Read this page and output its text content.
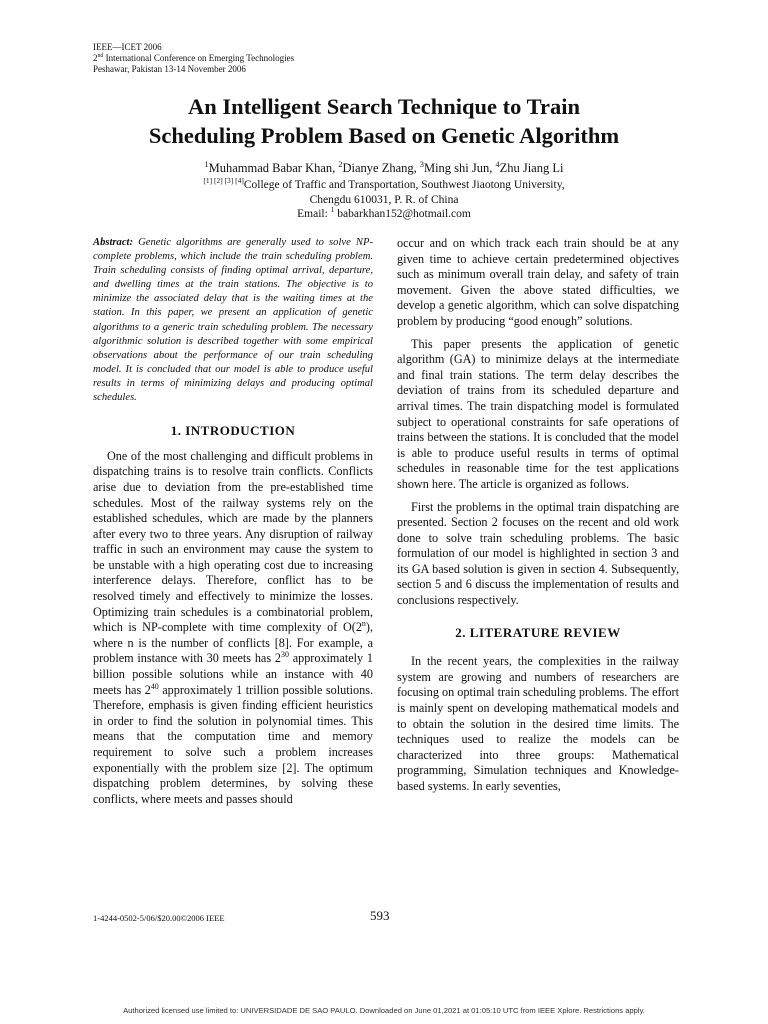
IEEE—ICET 2006
2nd International Conference on Emerging Technologies
Peshawar, Pakistan 13-14 November 2006
An Intelligent Search Technique to Train
Scheduling Problem Based on Genetic Algorithm
$^1$Muhammad Babar Khan, $^2$Dianye Zhang, $^3$Ming shi Jun, $^4$Zhu Jiang Li
[1] [2] [3] [4]College of Traffic and Transportation, Southwest Jiaotong University,
Chengdu 610031, P. R. of China
Email: $^1$ babarkhan152@hotmail.com

Abstract: Genetic algorithms are generally used to solve NP-complete problems, which include the train scheduling problem. Train scheduling consists of finding optimal arrival, departure, and dwelling times at the train stations. The objective is to minimize the associated delay that is the waiting times at the station. In this paper, we present an application of genetic algorithms to a generic train scheduling problem. The necessary algorithmic solution is described together with some empirical observations about the performance of our train scheduling model. It is concluded that our model is able to produce useful results in terms of minimizing delays and producing optimal schedules.

1. INTRODUCTION

One of the most challenging and difficult problems in dispatching trains is to resolve train conflicts. Conflicts arise due to deviation from the pre-established time schedules. Most of the railway systems rely on the established schedules, which are made by the planners after every two to three years. Any disruption of railway traffic in such an environment may cause the system to be unstable with a high operating cost due to increasing interference delays. Therefore, conflict has to be resolved timely and effectively to minimize the losses. Optimizing train schedules is a combinatorial problem, which is NP-complete with time complexity of O(2$^n$), where n is the number of conflicts [8]. For example, a problem instance with 30 meets has $2^{30}$ approximately 1 billion possible solutions while an instance with 40 meets has $2^{40}$ approximately 1 trillion possible solutions. Therefore, emphasis is given finding efficient heuristics in order to find the solution in polynomial times. This means that the computation time and memory requirement to solve such a problem increases exponentially with the problem size [2]. The optimum dispatching problem determines, by solving these conflicts, where meets and passes should

occur and on which track each train should be at any given time to achieve certain predetermined objectives such as minimum overall train delay, and safety of train movement. Given the above stated difficulties, we develop a genetic algorithm, which can solve dispatching problem by producing “good enough” solutions.

This paper presents the application of genetic algorithm (GA) to minimize delays at the intermediate and final train stations. The term delay describes the deviation of trains from its scheduled departure and arrival times. The train dispatching model is formulated subject to operational constraints for safe operations of trains between the stations. It is concluded that the model is able to produce useful results in terms of optimal schedules in reasonable time for the test applications shown here. The article is organized as follows.

First the problems in the optimal train dispatching are presented. Section 2 focuses on the recent and old work done to solve train scheduling problems. The basic formulation of our model is highlighted in section 3 and its GA based solution is given in section 4. Subsequently, section 5 and 6 discuss the implementation of results and conclusions respectively.

2. LITERATURE REVIEW

In the recent years, the complexities in the railway system are growing and numbers of researchers are focusing on optimal train scheduling problems. The effort is mainly spent on developing mathematical models and to obtain the solution in the desired time limits. The techniques used to realize the models can be characterized into three groups: Mathematical programming, Simulation techniques and Knowledge-based systems. In early seventies,

1-4244-0502-5/06/$20.00©2006 IEEE	593
Authorized licensed use limited to: UNIVERSIDADE DE SAO PAULO. Downloaded on June 01,2021 at 01:05:10 UTC from IEEE Xplore. Restrictions apply.
